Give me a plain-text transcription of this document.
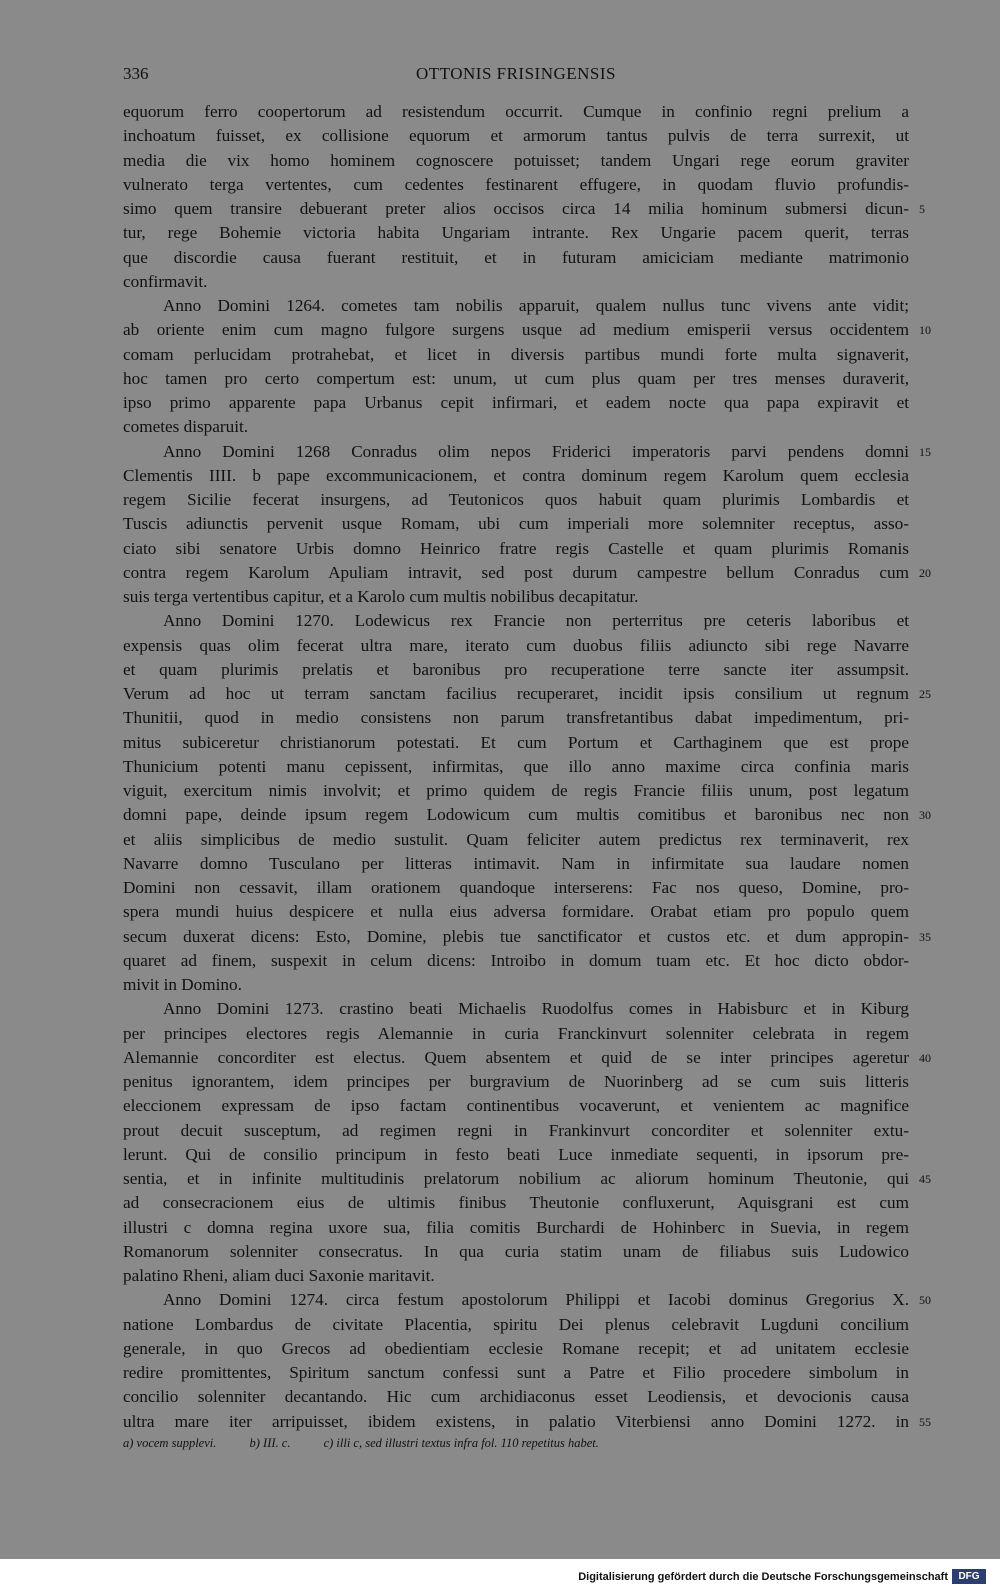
336	OTTONIS FRISINGENSIS
equorum ferro coopertorum ad resistendum occurrit. Cumque in confinio regni prelium a
inchoatum fuisset, ex collisione equorum et armorum tantus pulvis de terra surrexit, ut
media die vix homo hominem cognoscere potuisset; tandem Ungari rege eorum graviter
vulnerato terga vertentes, cum cedentes festinarent effugere, in quodam fluvio profundis-
simo quem transire debuerant preter alios occisos circa 14 milia hominum submersi dicun- 5
tur, rege Bohemie victoria habita Ungariam intrante. Rex Ungarie pacem querit, terras
que discordie causa fuerant restituit, et in futuram amiciciam mediante matrimonio
confirmavit.
Anno Domini 1264. cometes tam nobilis apparuit, qualem nullus tunc vivens ante vidit;
ab oriente enim cum magno fulgore surgens usque ad medium emisperii versus occidentem 10
comam perlucidam protrahebat, et licet in diversis partibus mundi forte multa signaverit,
hoc tamen pro certo compertum est: unum, ut cum plus quam per tres menses duraverit,
ipso primo apparente papa Urbanus cepit infirmari, et eadem nocte qua papa expiravit et
cometes disparuit.
Anno Domini 1268 Conradus olim nepos Friderici imperatoris parvi pendens domni 15
Clementis IIII. b pape excommunicacionem, et contra dominum regem Karolum quem ecclesia
regem Sicilie fecerat insurgens, ad Teutonicos quos habuit quam plurimis Lombardis et
Tuscis adiunctis pervenit usque Romam, ubi cum imperiali more solemniter receptus, asso-
ciato sibi senatore Urbis domno Heinrico fratre regis Castelle et quam plurimis Romanis
contra regem Karolum Apuliam intravit, sed post durum campestre bellum Conradus cum 20
suis terga vertentibus capitur, et a Karolo cum multis nobilibus decapitatur.
Anno Domini 1270. Lodewicus rex Francie non perterritus pre ceteris laboribus et
expensis quas olim fecerat ultra mare, iterato cum duobus filiis adiuncto sibi rege Navarre
et quam plurimis prelatis et baronibus pro recuperatione terre sancte iter assumpsit.
Verum ad hoc ut terram sanctam facilius recuperaret, incidit ipsis consilium ut regnum 25
Thunitii, quod in medio consistens non parum transfretantibus dabat impedimentum, pri-
mitus subiceretur christianorum potestati. Et cum Portum et Carthaginem que est prope
Thunicium potenti manu cepissent, infirmitas, que illo anno maxime circa confinia maris
viguit, exercitum nimis involvit; et primo quidem de regis Francie filiis unum, post legatum
domni pape, deinde ipsum regem Lodowicum cum multis comitibus et baronibus nec non 30
et aliis simplicibus de medio sustulit. Quam feliciter autem predictus rex terminaverit, rex
Navarre domno Tusculano per litteras intimavit. Nam in infirmitate sua laudare nomen
Domini non cessavit, illam orationem quandoque interserens: Fac nos queso, Domine, pro-
spera mundi huius despicere et nulla eius adversa formidare. Orabat etiam pro populo quem
secum duxerat dicens: Esto, Domine, plebis tue sanctificator et custos etc. et dum appropin- 35
quaret ad finem, suspexit in celum dicens: Introibo in domum tuam etc. Et hoc dicto obdor-
mivit in Domino.
Anno Domini 1273. crastino beati Michaelis Ruodolfus comes in Habisburc et in Kiburg
per principes electores regis Alemannie in curia Franckinvurt solenniter celebrata in regem
Alemannie concorditer est electus. Quem absentem et quid de se inter principes ageretur 40
penitus ignorantem, idem principes per burgravium de Nuorinberg ad se cum suis litteris
eleccionem expressam de ipso factam continentibus vocaverunt, et venientem ac magnifice
prout decuit susceptum, ad regimen regni in Frankinvurt concorditer et solenniter extu-
lerunt. Qui de consilio principum in festo beati Luce inmediate sequenti, in ipsorum pre-
sentia, et in infinite multitudinis prelatorum nobilium ac aliorum hominum Theutonie, qui 45
ad consecracionem eius de ultimis finibus Theutonie confluxerunt, Aquisgrani est cum
illustri c domna regina uxore sua, filia comitis Burchardi de Hohinberc in Suevia, in regem
Romanorum solenniter consecratus. In qua curia statim unam de filiabus suis Ludowico
palatino Rheni, aliam duci Saxonie maritavit.
Anno Domini 1274. circa festum apostolorum Philippi et Iacobi dominus Gregorius X. 50
natione Lombardus de civitate Placentia, spiritu Dei plenus celebravit Lugduni concilium
generale, in quo Grecos ad obedientiam ecclesie Romane recepit; et ad unitatem ecclesie
redire promittentes, Spiritum sanctum confessi sunt a Patre et Filio procedere simbolum in
concilio solenniter decantando. Hic cum archidiaconus esset Leodiensis, et devocionis causa
ultra mare iter arripuisset, ibidem existens, in palatio Viterbiensi anno Domini 1272. in 55
a) vocem supplevi.	b) III. c.	c) illi c, sed illustri textus infra fol. 110 repetitus habet.
Digitalisierung gefördert durch die Deutsche Forschungsgemeinschaft	DFG
